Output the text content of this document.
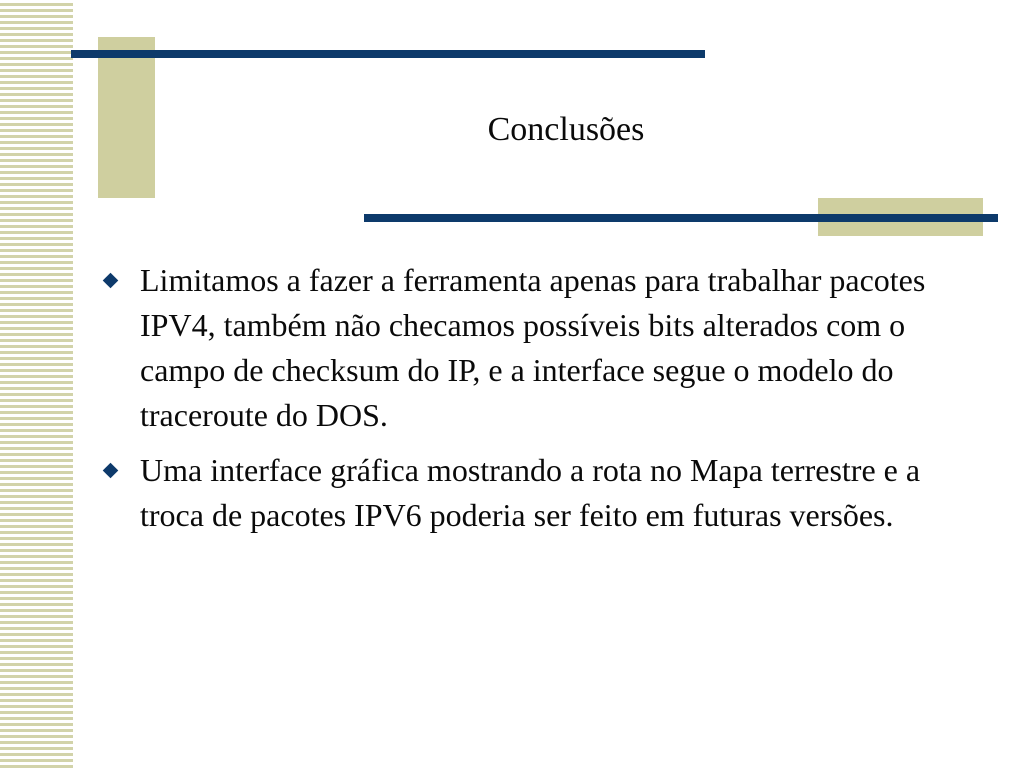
Conclusões
Limitamos a fazer a ferramenta apenas para trabalhar pacotes IPV4, também não checamos possíveis bits alterados com o campo de checksum do IP, e a interface segue o modelo do traceroute do DOS.
Uma interface gráfica mostrando a rota no Mapa terrestre e a troca de pacotes IPV6 poderia ser feito em futuras versões.
